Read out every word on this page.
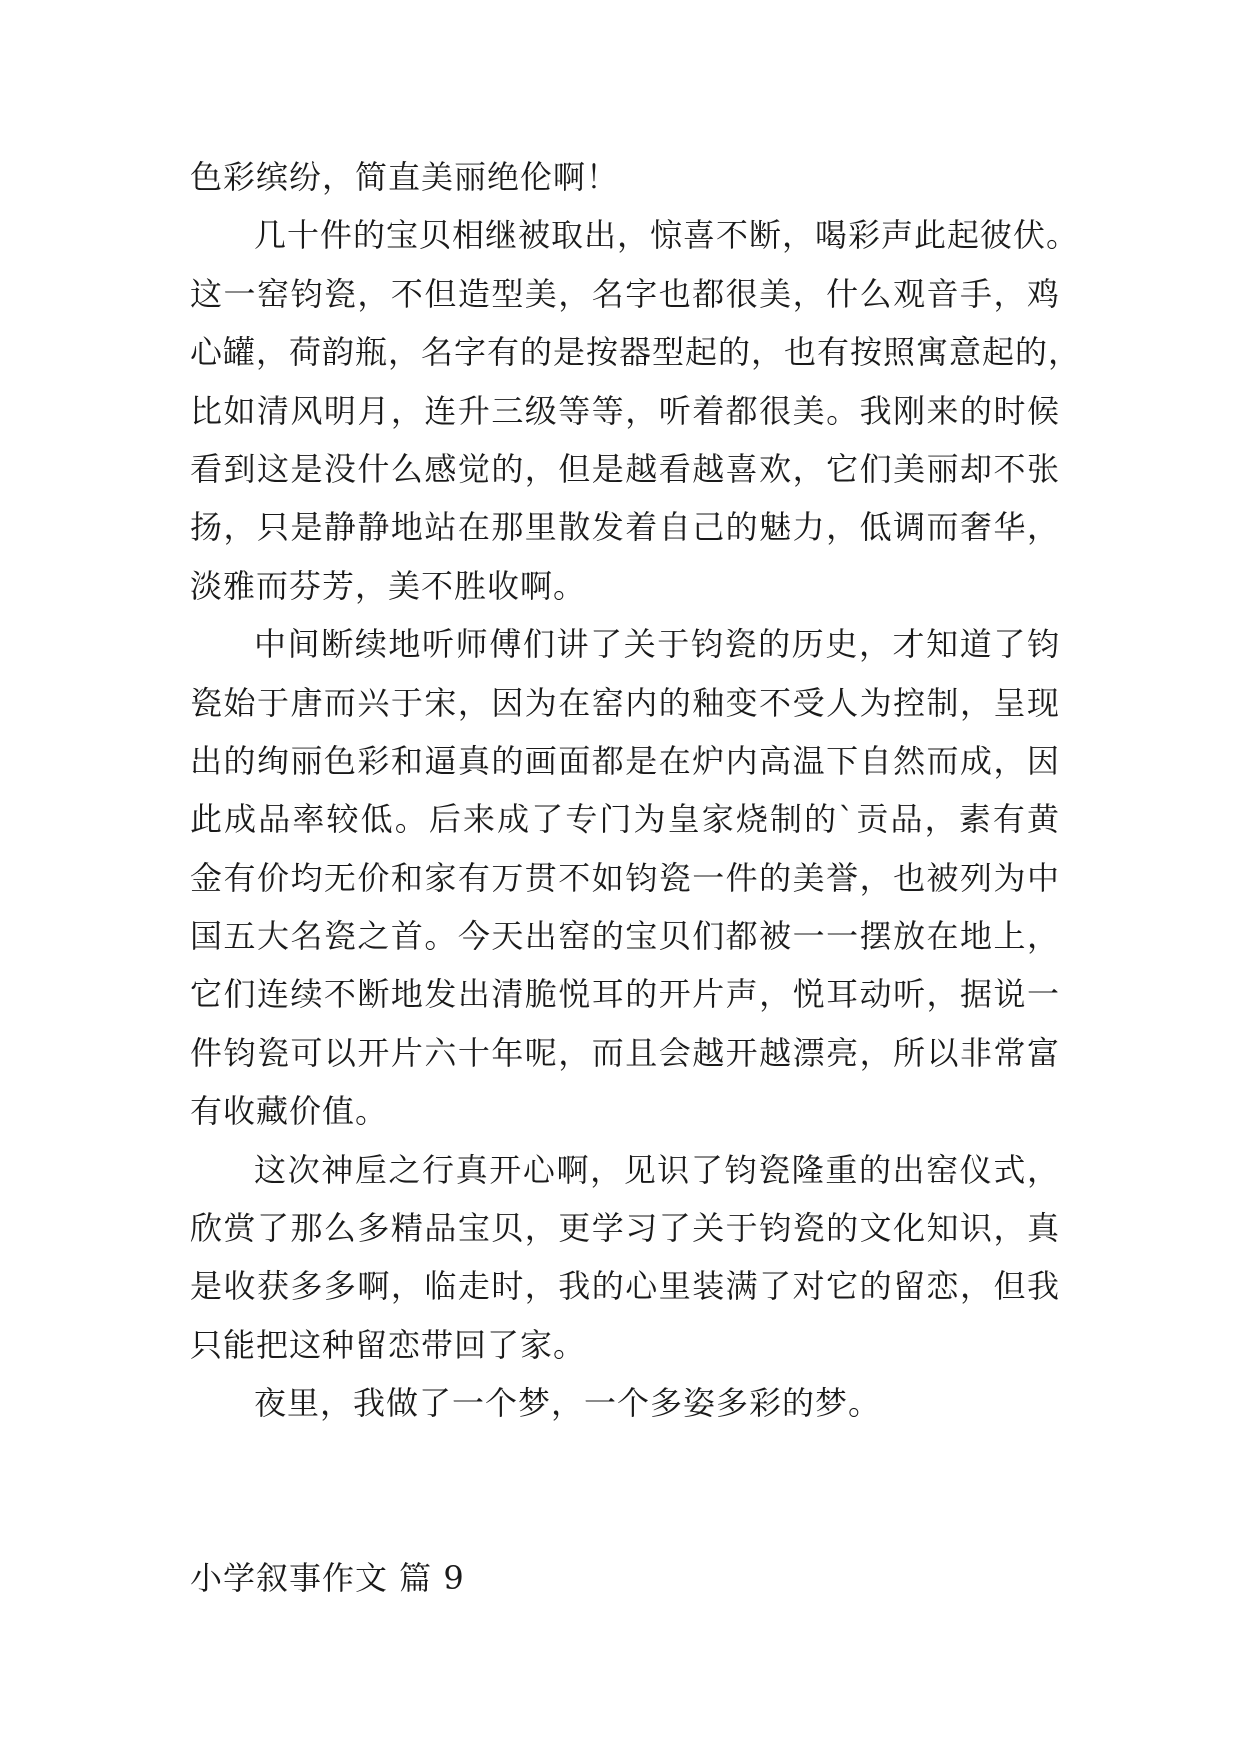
色彩缤纷，简直美丽绝伦啊！
几十件的宝贝相继被取出，惊喜不断，喝彩声此起彼伏。
这一窑钧瓷，不但造型美，名字也都很美，什么观音手，鸡
心罐，荷韵瓶，名字有的是按器型起的，也有按照寓意起的，
比如清风明月，连升三级等等，听着都很美。我刚来的时候
看到这是没什么感觉的，但是越看越喜欢，它们美丽却不张
扬，只是静静地站在那里散发着自己的魅力，低调而奢华，
淡雅而芬芳，美不胜收啊。
中间断续地听师傅们讲了关于钧瓷的历史，才知道了钧
瓷始于唐而兴于宋，因为在窑内的釉变不受人为控制，呈现
出的绚丽色彩和逼真的画面都是在炉内高温下自然而成，因
此成品率较低。后来成了专门为皇家烧制的`贡品，素有黄
金有价均无价和家有万贯不如钧瓷一件的美誉，也被列为中
国五大名瓷之首。今天出窑的宝贝们都被一一摆放在地上，
它们连续不断地发出清脆悦耳的开片声，悦耳动听，据说一
件钧瓷可以开片六十年呢，而且会越开越漂亮，所以非常富
有收藏价值。
这次神垕之行真开心啊，见识了钧瓷隆重的出窑仪式，
欣赏了那么多精品宝贝，更学习了关于钧瓷的文化知识，真
是收获多多啊，临走时，我的心里装满了对它的留恋，但我
只能把这种留恋带回了家。
夜里，我做了一个梦，一个多姿多彩的梦。
小学叙事作文 篇 9
